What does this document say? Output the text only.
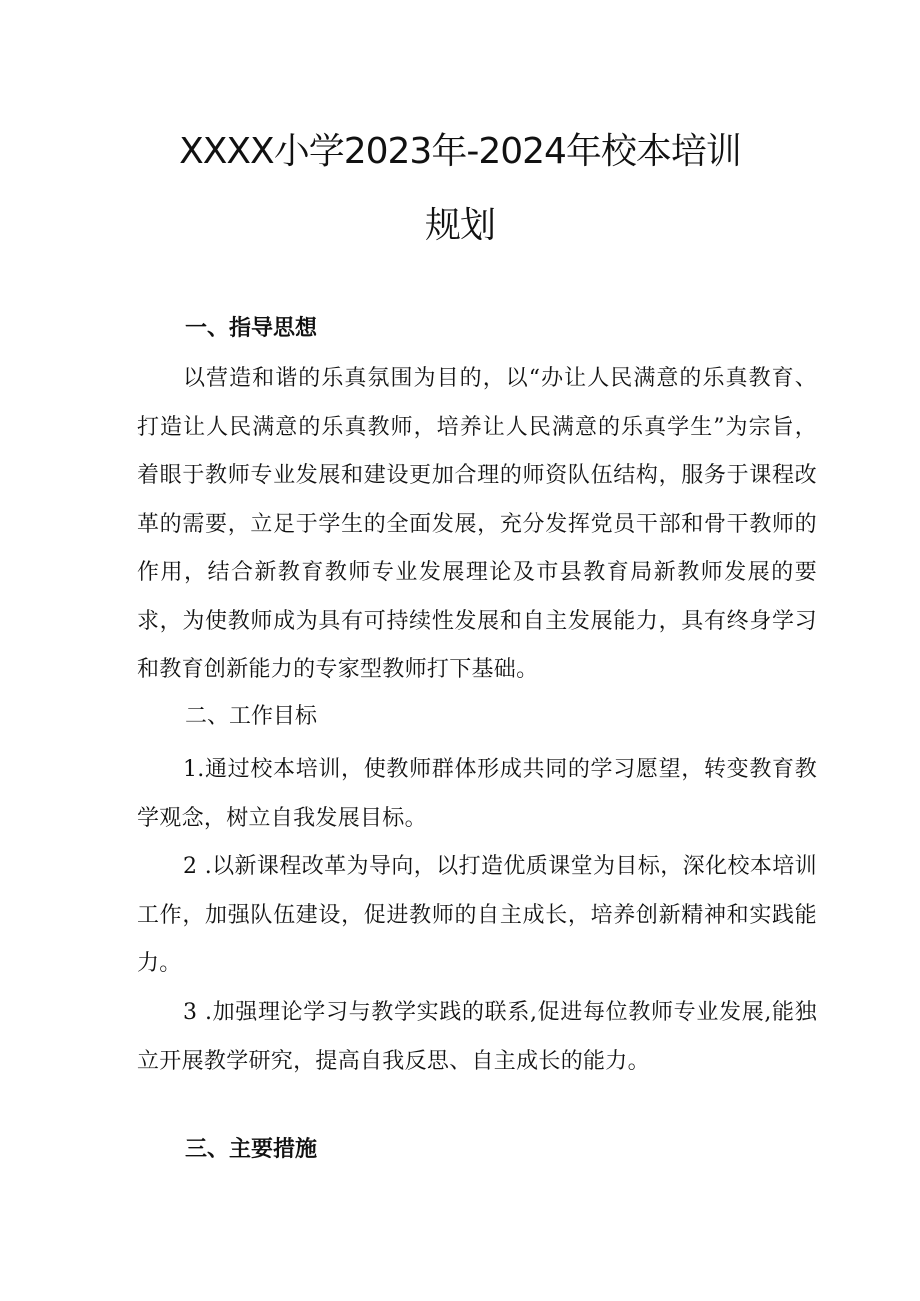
XXXX小学2023年-2024年校本培训
规划
一、指导思想

以营造和谐的乐真氛围为目的，以“办让人民满意的乐真教育、打造让人民满意的乐真教师，培养让人民满意的乐真学生”为宗旨，着眼于教师专业发展和建设更加合理的师资队伍结构，服务于课程改革的需要，立足于学生的全面发展，充分发挥党员干部和骨干教师的作用，结合新教育教师专业发展理论及市县教育局新教师发展的要求，为使教师成为具有可持续性发展和自主发展能力，具有终身学习和教育创新能力的专家型教师打下基础。

二、工作目标

1.通过校本培训，使教师群体形成共同的学习愿望，转变教育教学观念，树立自我发展目标。

2 .以新课程改革为导向，以打造优质课堂为目标，深化校本培训工作，加强队伍建设，促进教师的自主成长，培养创新精神和实践能力。

3 .加强理论学习与教学实践的联系,促进每位教师专业发展,能独立开展教学研究，提高自我反思、自主成长的能力。

三、主要措施
